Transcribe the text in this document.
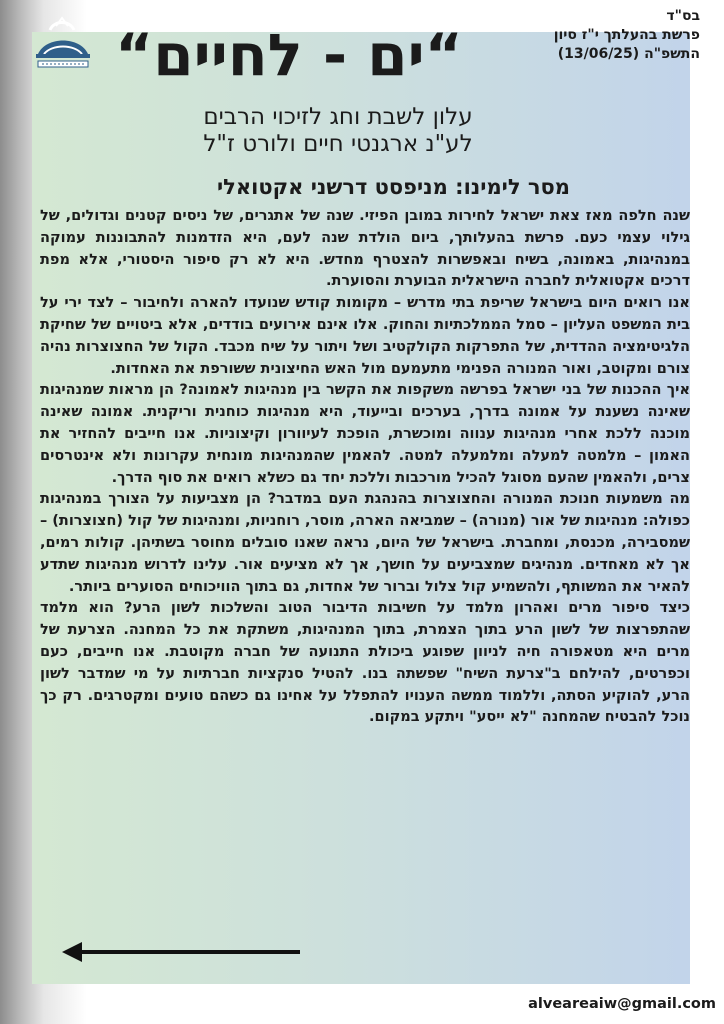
בס"ד
פרשת בהעלתך י"ז סיון
התשפ"ה (13/06/25)
“ים - לחיים“
עלון לשבת וחג לזיכוי הרבים
לע"נ ארגנטי חיים ולורט ז"ל
מסר לימינו: מניפסט דרשני אקטואלי

שנה חלפה מאז צאת ישראל לחירות במובן הפיזי. שנה של אתגרים, של ניסים קטנים וגדולים, של גילוי עצמי כעם. פרשת בהעלותך, ביום הולדת שנה לעם, היא הזדמנות להתבוננות עמוקה במנהיגות, באמונה, בשיח ובאפשרות להצטרף מחדש. היא לא רק סיפור היסטורי, אלא מפת דרכים אקטואלית לחברה הישראלית הבוערת והסוערת.

אנו רואים היום בישראל שריפת בתי מדרש – מקומות קודש שנועדו להארה ולחיבור – לצד ירי על בית המשפט העליון – סמל הממלכתיות והחוק. אלו אינם אירועים בודדים, אלא ביטויים של שחיקת הלגיטימציה ההדדית, של התפרקות הקולקטיב ושל ויתור על שיח מכבד. הקול של החצוצרות נהיה צורם ומקוטב, ואור המנורה הפנימי מתעמעם מול האש החיצונית ששורפת את האחדות.

איך ההכנות של בני ישראל בפרשה משקפות את הקשר בין מנהיגות לאמונה? הן מראות שמנהיגות שאינה נשענת על אמונה בדרך, בערכים ובייעוד, היא מנהיגות כוחנית וריקנית. אמונה שאינה מוכנה ללכת אחרי מנהיגות ענווה ומוכשרת, הופכת לעיוורון וקיצוניות. אנו חייבים להחזיר את האמון – מלמטה למעלה ומלמעלה למטה. להאמין שהמנהיגות מונחית עקרונות ולא אינטרסים צרים, ולהאמין שהעם מסוגל להכיל מורכבות וללכת יחד גם כשלא רואים את סוף הדרך.

מה משמעות חנוכת המנורה והחצוצרות בהנהגת העם במדבר? הן מצביעות על הצורך במנהיגות כפולה: מנהיגות של אור (מנורה) – שמביאה הארה, מוסר, רוחניות, ומנהיגות של קול (חצוצרות) – שמסבירה, מכנסת, ומחברת. בישראל של היום, נראה שאנו סובלים מחוסר בשתיהן. קולות רמים, אך לא מאחדים. מנהיגים שמצביעים על חושך, אך לא מציעים אור. עלינו לדרוש מנהיגות שתדע להאיר את המשותף, ולהשמיע קול צלול וברור של אחדות, גם בתוך הוויכוחים הסוערים ביותר.

כיצד סיפור מרים ואהרון מלמד על חשיבות הדיבור הטוב והשלכות לשון הרע? הוא מלמד שהתפרצות של לשון הרע בתוך הצמרת, בתוך המנהיגות, משתקת את כל המחנה. הצרעת של מרים היא מטאפורה חיה לניוון שפוגע ביכולת התנועה של חברה מקוטבת. אנו חייבים, כעם וכפרטים, להילחם ב"צרעת השיח" שפשתה בנו. להטיל סנקציות חברתיות על מי שמדבר לשון הרע, להוקיע הסתה, וללמוד ממשה הענויו להתפלל על אחינו גם כשהם טועים ומקטרגים. רק כך נוכל להבטיח שהמחנה "לא ייסע" ויתקע במקום.

alveareaiw@gmail.com
